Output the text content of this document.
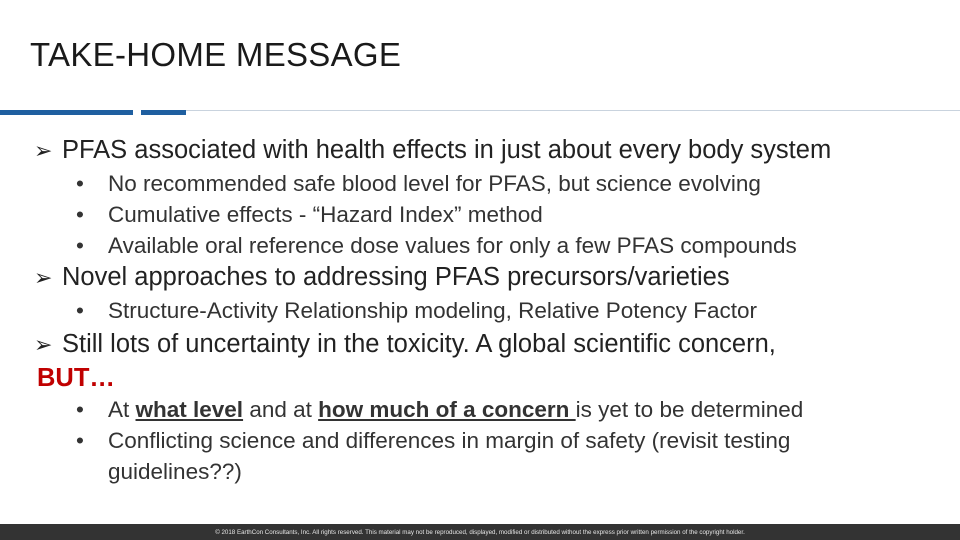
TAKE-HOME MESSAGE
➢ PFAS associated with health effects in just about every body system
• No recommended safe blood level for PFAS, but science evolving
• Cumulative effects - “Hazard Index” method
• Available oral reference dose values for only a few PFAS compounds
➢ Novel approaches to addressing PFAS precursors/varieties
• Structure-Activity Relationship modeling, Relative Potency Factor
➢ Still lots of uncertainty in the toxicity. A global scientific concern,
BUT…
• At what level and at how much of a concern is yet to be determined
• Conflicting science and differences in margin of safety (revisit testing
guidelines??)
© 2018 EarthCon Consultants, Inc. All rights reserved. This material may not be reproduced, displayed, modified or distributed without the express prior written permission of the copyright holder.
